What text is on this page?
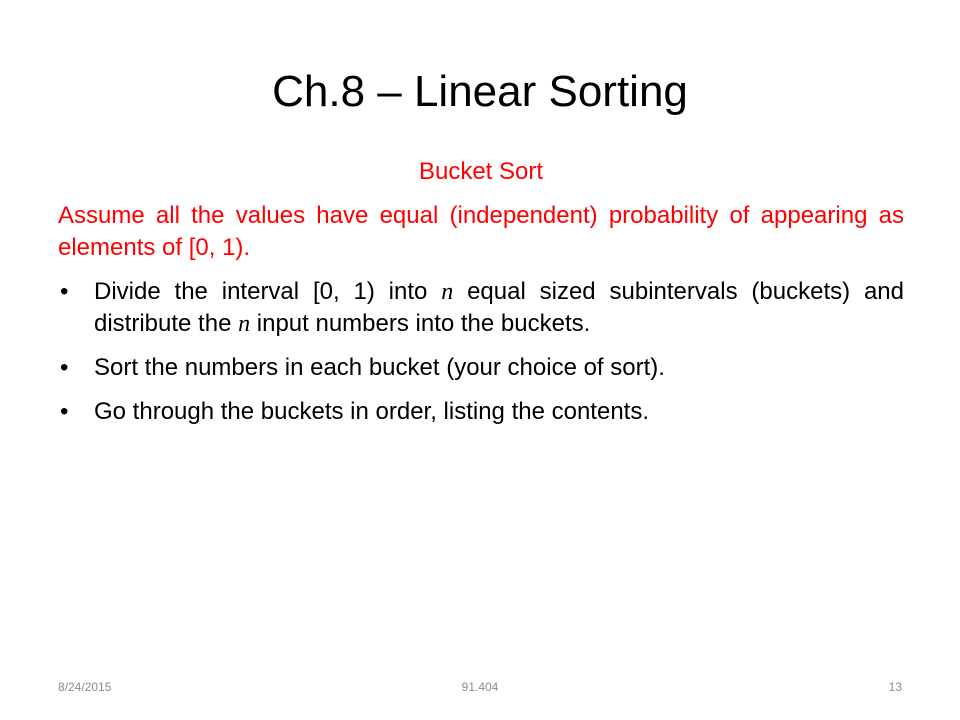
Ch.8 – Linear Sorting

Bucket Sort

Assume all the values have equal (independent) probability of appearing as elements of [0, 1).

• Divide the interval [0, 1) into n equal sized subintervals (buckets) and distribute the n input numbers into the buckets.
• Sort the numbers in each bucket (your choice of sort).
• Go through the buckets in order, listing the contents.
8/24/2015	91.404	13
